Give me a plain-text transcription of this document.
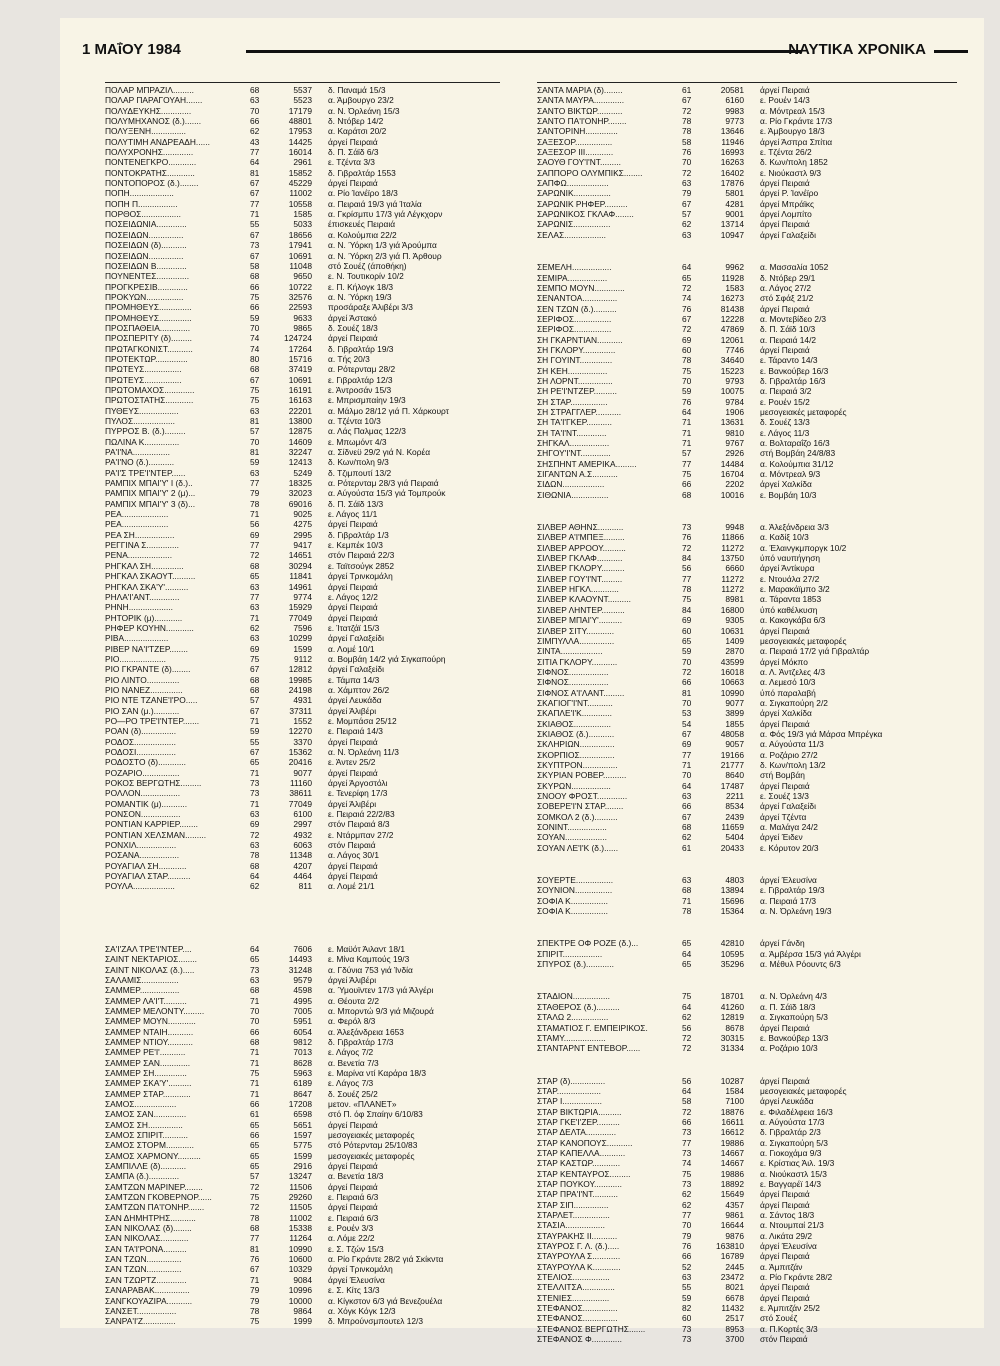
1 ΜΑΐΟΥ 1984	ΝΑΥΤΙΚΑ ΧΡΟΝΙΚΑ
ΠΟΛΑΡ ΜΠΡΑΖΙΛ.........	68	5537	δ. Παναμά 15/3
ΠΟΛΑΡ ΠΑΡΑΓΟΥΑΗ.......	63	5523	α. Άμβουργο 23/2
ΠΟΛΥΔΕΥΚΗΣ.............	70	17179	α. Ν. Όρλεάνη 15/3
ΠΟΛΥΜΗΧΑΝΟΣ (δ.).......	66	48801	δ. Ντόβερ 14/2
ΠΟΛΥΞΕΝΗ...............	62	17953	α. Καράτσι 20/2
ΠΟΛΥΤΙΜΗ ΑΝΔΡΕΑΔΗ......	43	14425	άργεί Πειραιά
ΠΟΛΥΧΡΟΝΗΣ.............	77	16014	δ. Π. Σάϊδ 6/3
ΠΟΝΤΕΝΕΓΚΡΟ............	64	2961	ε. Τζέντα 3/3
ΠΟΝΤΟΚΡΑΤΗΣ............	81	15852	δ. Γιβραλτάρ 1553
ΠΟΝΤΟΠΟΡΟΣ (δ.)........	67	45229	άργεί Πειραιά
ΠΟΠΗ...................	67	11002	α. Ρίο Ίανέϊρο 18/3
ΠΟΠΗ Π.................	77	10558	α. Πειραιά 19/3 γιά Ίταλία
ΠΟΡΘΟΣ.................	71	1585	α. Γκρίσμπυ 17/3 γιά Λέγκχορν
ΠΟΣΕΙΔΩΝΙΑ.............	55	5033	έπισκευές Πειραιά
ΠΟΣΕΙΔΩΝ...............	67	18656	α. Κολούμπια 22/2
ΠΟΣΕΙΔΩΝ (δ)...........	73	17941	α. Ν. Ύόρκη 1/3 γιά Άρούμπα
ΠΟΣΕΙΔΩΝ...............	67	10691	α. Ν. Ύόρκη 2/3 γιά Π. Άρθουρ
ΠΟΣΕΙΔΩΝ Β.............	58	11048	στό Σουέζ (άποθήκη)
ΠΟΥΝΕΝΤΕΣ..............	68	9650	ε. Ν. Τουτικορίν 10/2
ΠΡΟΓΚΡΕΣΙΒ.............	66	10722	ε. Π. Κήλογκ 18/3
ΠΡΟΚΥΩΝ................	75	32576	α. Ν. Ύόρκη 19/3
ΠΡΟΜΗΘΕΥΣ..............	66	22593	προσάραξε Άλιβέρι 3/3
ΠΡΟΜΗΘΕΥΣ..............	59	9633	άργεί Άστακό
ΠΡΟΣΠΑΘΕΙΑ.............	70	9865	δ. Σουέζ 18/3
ΠΡΟΣΠΕΡΙΤΥ (δ).........	74	124724	άργεί Πειραιά
ΠΡΩΤΑΓΚΟΝΙΣΤ...........	74	17264	δ. Γιβραλτάρ 19/3
ΠΡΟΤΕΚΤΩΡ..............	80	15716	α. Τής 20/3
ΠΡΩΤΕΥΣ................	68	37419	α. Ρότερνταμ 28/2
ΠΡΩΤΕΥΣ................	67	10691	ε. Γιβραλτάρ 12/3
ΠΡΩΤΟΜΑΧΟΣ.............	75	16191	ε. Άντροσάν 15/3
ΠΡΩΤΟΣΤΑΤΗΣ............	75	16163	ε. Μπρισμπαίην 19/3
ΠΥΘΕΥΣ.................	63	22201	α. Μάλμο 28/12 γιά Π. Χάρκουρτ
ΠΥΛΟΣ..................	81	13800	α. Τζέντα 10/3
ΠΥΡΡΟΣ Β. (δ.).........	57	12875	α. Λάς Παλμας 122/3
ΠΩΛΙΝΑ Κ...............	70	14609	ε. Μπωμόντ 4/3
ΡΑ'Ι'ΝΑ................	81	32247	α. Σίδνεϋ 29/2 γιά Ν. Κορέα
ΡΑ'Ι'ΝΟ (δ.)...........	59	12413	δ. Κων/πολη 9/3
ΡΑ'Ι'Σ ΤΡΕ'Ι'ΝΤΕΡ......	63	5249	δ. Τζιμπουτί 13/2
ΡΑΜΠΙΧ ΜΠΑΙ'Υ' Ι (δ.)..	77	18325	α. Ρότερνταμ 28/3 γιά Πειραιά
ΡΑΜΠΙΧ ΜΠΑΙ'Υ' 2 (μ)...	79	32023	α. Αύγούστα 15/3 γιά Τομπρούκ
ΡΑΜΠΙΧ ΜΠΑΙ'Υ' 3 (δ)...	78	69016	δ. Π. Σάϊδ 13/3
ΡΕΑ....................	71	9025	ε. Λάγος 11/1
ΡΕΑ....................	56	4275	άργεί Πειραιά
ΡΕΑ ΣΗ.................	69	2995	δ. Γιβραλτάρ 1/3
ΡΕΓΓΙΝΑ Σ..............	77	9417	ε. Κεμπέκ 10/3
ΡΕΝΑ...................	72	14651	στόν Πειραιά 22/3
ΡΗΓΚΑΛ ΣΗ..............	68	30294	ε. Ταϊτσούγκ 2852
ΡΗΓΚΑΛ ΣΚΑΟΥΤ..........	65	11841	άργεί Τρινκομάλη
ΡΗΓΚΑΛ ΣΚΑ'Υ'..........	63	14961	άργεί Πειραιά
ΡΗΛΑ'Ι'ΑΝΤ.............	77	9774	ε. Λάγος 12/2
ΡΗΝΗ...................	63	15929	άργεί Πειραιά
ΡΗΤΟΡΙΚ (μ)............	71	77049	άργεί Πειραιά
ΡΗΦΕΡ ΚΟΥΗΝ............	62	7596	ε. Ίτατζάϊ 15/3
ΡΙΒΑ...................	63	10299	άργεί Γαλαξείδι
ΡΙΒΕΡ ΝΑ'Ι'ΤΖΕΡ........	69	1599	α. Λομέ 10/1
ΡΙΟ....................	75	9112	α. Βομβάη 14/2 γιά Σιγκαπούρη
ΡΙΟ ΓΚΡΑΝΤΕ (δ)........	67	12812	άργεί Γαλαξείδι
ΡΙΟ ΛΙΝΤΟ..............	68	19985	ε. Τάμπα 14/3
ΡΙΟ ΝΑΝΕΖ..............	68	24198	α. Χάμπτον 26/2
ΡΙΟ ΝΤΕ ΤΖΑΝΕ'Ι'ΡΟ.....	57	4931	άργεί Λευκάδα
ΡΙΟ ΣΑΝ (μ.)...........	67	37311	άργεί Άλιβέρι
ΡΟ—ΡΟ ΤΡΕ'Ι'ΝΤΕΡ.......	71	1552	ε. Μομπάσα 25/12
ΡΟΑΝ (δ)...............	59	12270	ε. Πειραιά 14/3
ΡΟΔΟΣ..................	55	3370	άργεί Πειραιά
ΡΟΔΟΣΙ.................	67	15362	α. Ν. Όρλεάνη 11/3
ΡΟΔΟΣΤΟ (δ)............	65	20416	ε. Άντεν 25/2
ΡΟΖΑΡΙΟ................	71	9077	άργεί Πειραιά
ΡΟΚΟΣ ΒΕΡΓΩΤΗΣ.........	73	11160	άργεί Άργοστόλι
ΡΟΛΛΟΝ.................	73	38611	ε. Τενερίφη 17/3
ΡΟΜΑΝΤΙΚ (μ)...........	71	77049	άργεί Άλιβέρι
ΡΟΝΣΟΝ.................	63	6100	ε. Πειραιά 22/2/83
ΡΟΝΤΙΑΝ ΚΑΡΡΙΕΡ........	69	2997	στόν Πειραιά 8/3
ΡΟΝΤΙΑΝ ΧΕΛΣΜΑΝ.........	72	4932	ε. Ντάρμπαν 27/2
ΡΟΝΧΙΛ.................	63	6063	στόν Πειραιά
ΡΟΣΑΝΑ.................	78	11348	α. Λάγος 30/1
ΡΟΥΑΓΙΑΛ ΣΗ............	68	4207	άργεί Πειραιά
ΡΟΥΑΓΙΑΛ ΣΤΑΡ..........	64	4464	άργεί Πειραιά
ΡΟΥΛΑ..................	62	811	α. Λομέ 21/1
ΣΑ'Ι'ΖΑΛ ΤΡΕ'Ι'ΝΤΕΡ....	64	7606	ε. Μαϋότ Άιλαντ 18/1
ΣΑΙΝΤ ΝΕΚΤΑΡΙΟΣ........	65	14493	ε. Μίνα Καμπούς 19/3
ΣΑΙΝΤ ΝΙΚΟΛΑΣ (δ.).....	73	31248	α. Γδύνια 753 γιά Ίνδία
ΣΑΛΑΜΙΣ................	63	9579	άργεί Άλιβέρι
ΣΑΜΜΕΡ.................	68	4598	α. Ύμουϊντεν 17/3 γιά Άλγέρι
ΣΑΜΜΕΡ ΛΑ'Ι'Τ..........	71	4995	α. Θέουτα 2/2
ΣΑΜΜΕΡ ΜΕΛΟΝΤΥ.........	70	7005	α. Μπορντώ 9/3 γιά Μιζουρά
ΣΑΜΜΕΡ ΜΟΥΝ............	70	5951	α. Φερόλ 8/3
ΣΑΜΜΕΡ ΝΤΑΙΗ...........	66	6054	α. Άλεξάνδρεια 1653
ΣΑΜΜΕΡ ΝΤΙΟΥ...........	68	9812	δ. Γιβραλτάρ 17/3
ΣΑΜΜΕΡ ΡΕ'Ι'...........	71	7013	ε. Λάγος 7/2
ΣΑΜΜΕΡ ΣΑΝ.............	71	8628	α. Βενετία 7/3
ΣΑΜΜΕΡ ΣΗ..............	75	5963	ε. Μαρίνα ντί Καράρα 18/3
ΣΑΜΜΕΡ ΣΚΑ'Υ'..........	71	6189	ε. Λάγος 7/3
ΣΑΜΜΕΡ ΣΤΑΡ............	71	8647	δ. Σουέζ 25/2
ΣΑΜΟΣ..................	66	17208	μετον. «ΠΛΑΝΕΤ»
ΣΑΜΟΣ ΣΑΝ..............	61	6598	στό Π. όφ Σπαίην 6/10/83
ΣΑΜΟΣ ΣΗ...............	65	5651	άργεί Πειραιά
ΣΑΜΟΣ ΣΠΙΡΙΤ...........	66	1597	μεσογειακές μεταφορές
ΣΑΜΟΣ ΣΤΟΡΜ............	65	5775	στό Ρότερνταμ 25/10/83
ΣΑΜΟΣ ΧΑΡΜΟΝΥ..........	65	1599	μεσογειακές μεταφορές
ΣΑΜΠΙΛΛΕ (δ)...........	65	2916	άργεί Πειραιά
ΣΑΜΠΑ (δ.).............	57	13247	α. Βενετία 18/3
ΣΑΜΤΖΩΝ ΜΑΡΙΝΕΡ........	72	11506	άργεί Πειραιά
ΣΑΜΤΖΩΝ ΓΚΟΒΕΡΝΟΡ......	75	29260	ε. Πειραιά 6/3
ΣΑΜΤΖΩΝ ΠΑ'Ι'ΟΝΗΡ.......	72	11505	άργεί Πειραιά
ΣΑΝ ΔΗΜΗΤΡΗΣ...........	78	11002	ε. Πειραιά 6/3
ΣΑΝ ΝΙΚΟΛΑΣ (δ)........	68	15338	ε. Ρουέν 3/3
ΣΑΝ ΝΙΚΟΛΑΣ............	77	11264	α. Λόμε 22/2
ΣΑΝ ΤΑ'Ι'ΡΟΝΑ..........	81	10990	ε. Σ. Τζών 15/3
ΣΑΝ ΤΖΩΝ...............	76	10600	α. Ρίο Γκράντε 28/2 γιά Σκίκντα
ΣΑΝ ΤΖΩΝ...............	67	10329	άργεί Τρινκομάλη
ΣΑΝ ΤΖΩΡΤΖ.............	71	9084	άργεί Έλευσίνα
ΣΑΝΑΡΑΒΑΚ...............	79	10996	ε. Σ. Κίτς 13/3
ΣΑΝΓΚΟΥΑΖΙΡΑ...........	79	10000	α. Κίγκστον 6/3 γιά Βενεζουέλα
ΣΑΝΣΕΤ.................	78	9864	α. Χόγκ Κόγκ 12/3
ΣΑΝΡΑ'Ι'Ζ..............	75	1999	δ. Μπρούνσμπουτελ 12/3
ΣΑΝΤΑ ΜΑΡΙΑ (δ)........	61	20581	άργεί Πειραιά
ΣΑΝΤΑ ΜΑΥΡΑ.............	67	6160	ε. Ρουέν 14/3
ΣΑΝΤΟ ΒΙΚΤΩΡ...........	72	9983	α. Μόντρεαλ 15/3
ΣΑΝΤΟ ΠΑ'Ι'ΟΝΗΡ........	78	9773	α. Ρίο Γκράντε 17/3
ΣΑΝΤΟΡΙΝΗ..............	78	13646	ε. Άμβουργο 18/3
ΣΑΞΕΣΟΡ................	58	11946	άργεί Άσπρα Σπίτια
ΣΑΞΕΣΟΡ III............	76	16993	ε. Τζέντα 26/2
ΣΑΟΥΘ ΓΟΥ'Ι'ΝΤ.........	70	16263	δ. Κων/πολη 1852
ΣΑΠΠΟΡΟ ΟΛΥΜΠΙΚΣ........	72	16402	ε. Νιούκαστλ 9/3
ΣΑΠΦΩ..................	63	17876	άργεί Πειραιά
ΣΑΡΩΝΙΚ................	79	5801	άργεί Ρ. Ίανέϊρο
ΣΑΡΩΝΙΚ ΡΗΦΕΡ..........	67	4281	άργεί Μπράϊκς
ΣΑΡΩΝΙΚΟΣ ΓΚΛΑΦ........	57	9001	άργεί Λομπίτο
ΣΑΡΩΝΙΣ................	62	13714	άργεί Πειραιά
ΣΕΛΑΣ..................	63	10947	άργεί Γαλαξείδι
ΣΕΜΕΛΗ.................	64	9962	α. Μασσαλία 1052
ΣΕΜΙΡΑ.................	65	11928	δ. Ντόβερ 29/1
ΣΕΜΠΟ ΜΟΥΝ.............	72	1583	α. Λάγος 27/2
ΣΕΝΑΝΤΟΑ...............	74	16273	στό Σφάξ 21/2
ΣΕΝ ΤΖΩΝ (δ.)..........	76	81438	άργεί Πειραιά
ΣΕΡΙΦΟΣ................	67	12228	α. Μοντεβίδεο 2/3
ΣΕΡΙΦΟΣ................	72	47869	δ. Π. Σάϊδ 10/3
ΣΗ ΓΚΑΡΝΤΙΑΝ...........	69	12061	α. Πειραιά 14/2
ΣΗ ΓΚΛΟΡΥ..............	60	7746	άργεί Πειραιά
ΣΗ ΓΟΥΙΝΤ..............	78	34640	ε. Τάραντο 14/3
ΣΗ ΚΕΗ.................	75	15223	ε. Βανκούβερ 16/3
ΣΗ ΛΟΡΝΤ...............	70	9793	δ. Γιβραλτάρ 16/3
ΣΗ ΡΕ'Ι'ΝΤΖΕΡ..........	59	10075	α. Πειραιά 3/2
ΣΗ ΣΤΑΡ................	76	9784	ε. Ρουέν 15/2
ΣΗ ΣΤΡΑΓΓΛΕΡ...........	64	1906	μεσογειακές μεταφορές
ΣΗ ΤΑ'Ι'ΓΚΕΡ...........	71	13631	δ. Σουέζ 13/3
ΣΗ ΤΑ'Ι'ΝΤ.............	71	9810	ε. Λάγος 11/3
ΣΗΓΚΑΛ.................	71	9767	α. Βολταραΐζο 16/3
ΣΗΓΟΥ'Ι'ΝΤ.............	57	2926	στή Βομβάη 24/8/83
ΣΗΣΠΗΝΤ ΑΜΕΡΙΚΑ.........	77	14484	α. Κολούμπια 31/12
ΣΙΓΑΝΤΩΝ Α.Σ...........	75	16704	α. Μόντρεαλ 9/3
ΣΙΔΩΝ..................	66	2202	άργεί Χαλκίδα
ΣΙΘΩΝΙΑ................	68	10016	ε. Βομβάη 10/3
ΣΙΛΒΕΡ ΑΘΗΝΣ...........	73	9948	α. Άλεξάνδρεια 3/3
ΣΙΛΒΕΡ Α'Ι'ΜΠΕΞ.........	76	11866	α. Καδίξ 10/3
ΣΙΛΒΕΡ ΑΡΡΟΟΥ..........	72	11272	α. Έλαινγκμποργκ 10/2
ΣΙΛΒΕΡ ΓΚΛΑΦ...........	84	13750	ύπό ναυπήγηση
ΣΙΛΒΕΡ ΓΚΛΟΡΥ..........	56	6660	άργεί Άντίκυρα
ΣΙΛΒΕΡ ΓΟΥ'Ι'ΝΤ.........	77	11272	ε. Ντουάλα 27/2
ΣΙΛΒΕΡ ΗΓΚΛ............	78	11272	ε. Μαρακάϊμπο 3/2
ΣΙΛΒΕΡ ΚΛΑΟΥΝΤ..........	75	8981	α. Τάραντα 1853
ΣΙΛΒΕΡ ΛΗΝΤΕΡ..........	84	16800	ύπό καθέλκυση
ΣΙΛΒΕΡ ΜΠΑΙ'Υ'..........	69	9305	α. Κακογκάβα 6/3
ΣΙΛΒΕΡ ΣΙΤΥ............	60	10631	άργεί Πειραιά
ΣΙΜΠΥΛΛΑ...............	65	1409	μεσογειακές μεταφορές
ΣΙΝΤΑ..................	59	2870	α. Πειραιά 17/2 γιά Γιβραλτάρ
ΣΙΤΙΑ ΓΚΛΟΡΥ...........	70	43599	άργεί Μόκπο
ΣΙΦΝΟΣ.................	72	16018	α. Λ. Άντζελες 4/3
ΣΙΦΝΟΣ.................	66	10663	α. Λεμεσό 10/3
ΣΙΦΝΟΣ Α'Ι'ΛΑΝΤ.........	81	10990	ύπό παραλαβή
ΣΚΑΓΙΟΓ'Ι'ΝΤ...........	70	9077	α. Σιγκαπούρη 2/2
ΣΚΑΠΛΕ'Ι'Κ.............	53	3899	άργεί Χαλκίδα
ΣΚΙΑΘΟΣ................	54	1855	άργεί Πειραιά
ΣΚΙΑΘΟΣ (δ.)...........	67	48058	α. Φός 19/3 γιά Μάρσα Μπρέγκα
ΣΚΛΗΡΙΩΝ...............	69	9057	α. Αύγούστα 11/3
ΣΚΟΡΠΙΟΣ...............	77	19166	α. Ροζάριο 27/2
ΣΚΥΠΤΡΟΝ...............	71	21777	δ. Κων/πολη 13/2
ΣΚΥΡΙΑΝ ΡΟΒΕΡ..........	70	8640	στή Βομβάη
ΣΚΥΡΩΝ.................	64	17487	άργεί Πειραιά
ΣΝΟΟΥ ΦΡΟΣΤ.............	63	2211	ε. Σουέζ 13/3
ΣΟΒΕΡΕ'Ι'Ν ΣΤΑΡ........	66	8534	άργεί Γαλαξείδι
ΣΟΜΚΟΛ 2 (δ.)..........	67	2439	άργεί Τζέντα
ΣΟΝΙΝΤ.................	68	11659	α. Μαλάγα 24/2
ΣΟΥΑΝ..................	62	5404	άργεί Έιδεν
ΣΟΥΑΝ ΛΕ'Ι'Κ (δ.)......	61	20433	ε. Κόρυτον 20/3
ΣΟΥΕΡΤΕ................	63	4803	άργεί Έλευσίνα
ΣΟΥΝΙΟΝ................	68	13894	ε. Γιβραλτάρ 19/3
ΣΟΦΙΑ Κ................	71	15696	α. Πειραιά 17/3
ΣΟΦΙΑ Κ................	78	15364	α. Ν. Όρλεάνη 19/3
ΣΠΕΚΤΡΕ ΟΦ ΡΟΖΕ (δ.)...	65	42810	άργεί Γάνδη
ΣΠΙΡΙΤ.................	64	10595	α. Άμβέρσα 15/3 γιά Άλγέρι
ΣΠΥΡΟΣ (δ.)............	65	35296	α. Μέθυλ Ρόουντς 6/3
ΣΤΑΔΙΟΝ................	75	18701	α. Ν. Όρλεάνη 4/3
ΣΤΑΘΕΡΟΣ (δ.)..........	64	41260	α. Π. Σάϊδ 18/3
ΣΤΑΛΩ 2................	62	12819	α. Σιγκαπούρη 5/3
ΣΤΑΜΑΤΙΟΣ Γ. ΕΜΠΕΙΡΙΚΟΣ.	56	8678	άργεί Πειραιά
ΣΤΑΜΥ..................	72	30315	ε. Βανκούβερ 13/3
ΣΤΑΝΤΑΡΝΤ ΕΝΤΕΒΟΡ......	72	31334	α. Ροζάριο 10/3
ΣΤΑΡ (δ)...............	56	10287	άργεί Πειραιά
ΣΤΑΡ...................	64	1584	μεσογειακές μεταφορές
ΣΤΑΡ Ι.................	58	7100	άργεί Λευκάδα
ΣΤΑΡ ΒΙΚΤΩΡΙΑ..........	72	18876	ε. Φιλαδέλφεια 16/3
ΣΤΑΡ ΓΚΕ'Ι'ΖΕΡ..........	66	16611	α. Αύγούστα 17/3
ΣΤΑΡ ΔΕΛΤΑ.............	73	16612	δ. Γιβραλτάρ 2/3
ΣΤΑΡ ΚΑΝΟΠΟΥΣ...........	77	19886	α. Σιγκαπούρη 5/3
ΣΤΑΡ ΚΑΠΕΛΛΑ...........	73	14667	α. Γιοκοχάμα 9/3
ΣΤΑΡ ΚΑΣΤΩΡ............	74	14667	ε. Κρίστιας Άιλ. 19/3
ΣΤΑΡ ΚΕΝΤΑΥΡΟΣ.........	75	19886	α. Νιούκαστλ 15/3
ΣΤΑΡ ΠΟΥΚΟΥ............	73	18892	ε. Βαγγαρέϊ 14/3
ΣΤΑΡ ΠΡΑ'Ι'ΝΤ...........	62	15649	άργεί Πειραιά
ΣΤΑΡ ΣΙΠ...............	62	4357	άργεί Πειραιά
ΣΤΑΡΛΕΤ................	77	9861	α. Σάντος 18/3
ΣΤΑΣΙΑ.................	70	16644	α. Ντουμπαί 21/3
ΣΤΑΥΡΑΚΗΣ ΙΙ...........	79	9876	α. Λικάτα 29/2
ΣΤΑΥΡΟΣ Γ. Λ. (δ.).....	76	163810	άργεί Έλευσίνα
ΣΤΑΥΡΟΥΛΑ Σ............	66	16789	άργεί Πειραιά
ΣΤΑΥΡΟΥΛΑ Κ............	52	2445	α. Άμπιτζάν
ΣΤΕΛΙΟΣ................	63	23472	α. Ρίο Γκράντε 28/2
ΣΤΕΛΛΙΤΣΑ..............	55	8021	άργεί Πειραιά
ΣΤΕΝΙΕΣ................	59	6678	άργεί Πειραιά
ΣΤΕΦΑΝΟΣ...............	82	11432	ε. Άμπιτζάν 25/2
ΣΤΕΦΑΝΟΣ...............	60	2517	στό Σουέζ
ΣΤΕΦΑΝΟΣ ΒΕΡΓΩΤΗΣ.......	73	8953	α. Π.Κορτές 3/3
ΣΤΕΦΑΝΟΣ Φ.............	73	3700	στόν Πειραιά
